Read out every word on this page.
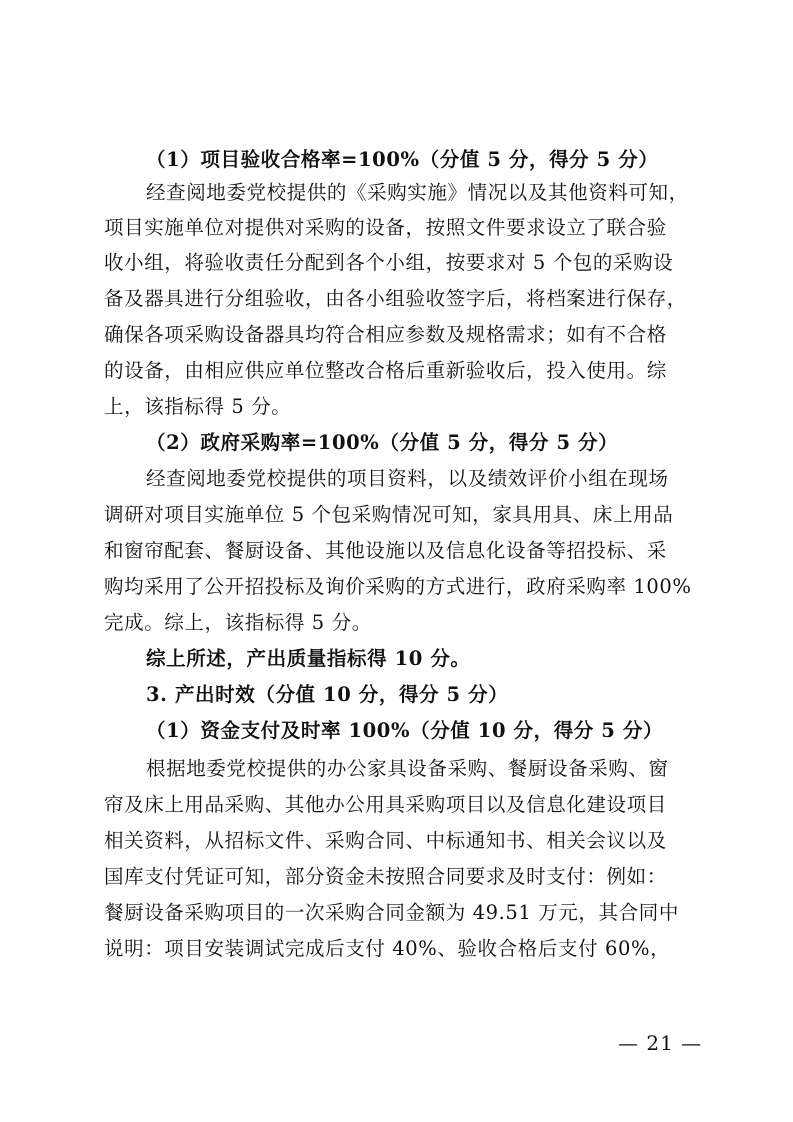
（1）项目验收合格率=100%（分值 5 分，得分 5 分）
经查阅地委党校提供的《采购实施》情况以及其他资料可知，
项目实施单位对提供对采购的设备，按照文件要求设立了联合验
收小组，将验收责任分配到各个小组，按要求对 5 个包的采购设
备及器具进行分组验收，由各小组验收签字后，将档案进行保存，
确保各项采购设备器具均符合相应参数及规格需求；如有不合格
的设备，由相应供应单位整改合格后重新验收后，投入使用。综
上，该指标得 5 分。
（2）政府采购率=100%（分值 5 分，得分 5 分）
经查阅地委党校提供的项目资料，以及绩效评价小组在现场
调研对项目实施单位 5 个包采购情况可知，家具用具、床上用品
和窗帘配套、餐厨设备、其他设施以及信息化设备等招投标、采
购均采用了公开招投标及询价采购的方式进行，政府采购率 100%
完成。综上，该指标得 5 分。
综上所述，产出质量指标得 10 分。
3. 产出时效（分值 10 分，得分 5 分）
（1）资金支付及时率 100%（分值 10 分，得分 5 分）
根据地委党校提供的办公家具设备采购、餐厨设备采购、窗
帘及床上用品采购、其他办公用具采购项目以及信息化建设项目
相关资料，从招标文件、采购合同、中标通知书、相关会议以及
国库支付凭证可知，部分资金未按照合同要求及时支付：例如：
餐厨设备采购项目的一次采购合同金额为 49.51 万元，其合同中
说明：项目安装调试完成后支付 40%、验收合格后支付 60%，
— 21 —
